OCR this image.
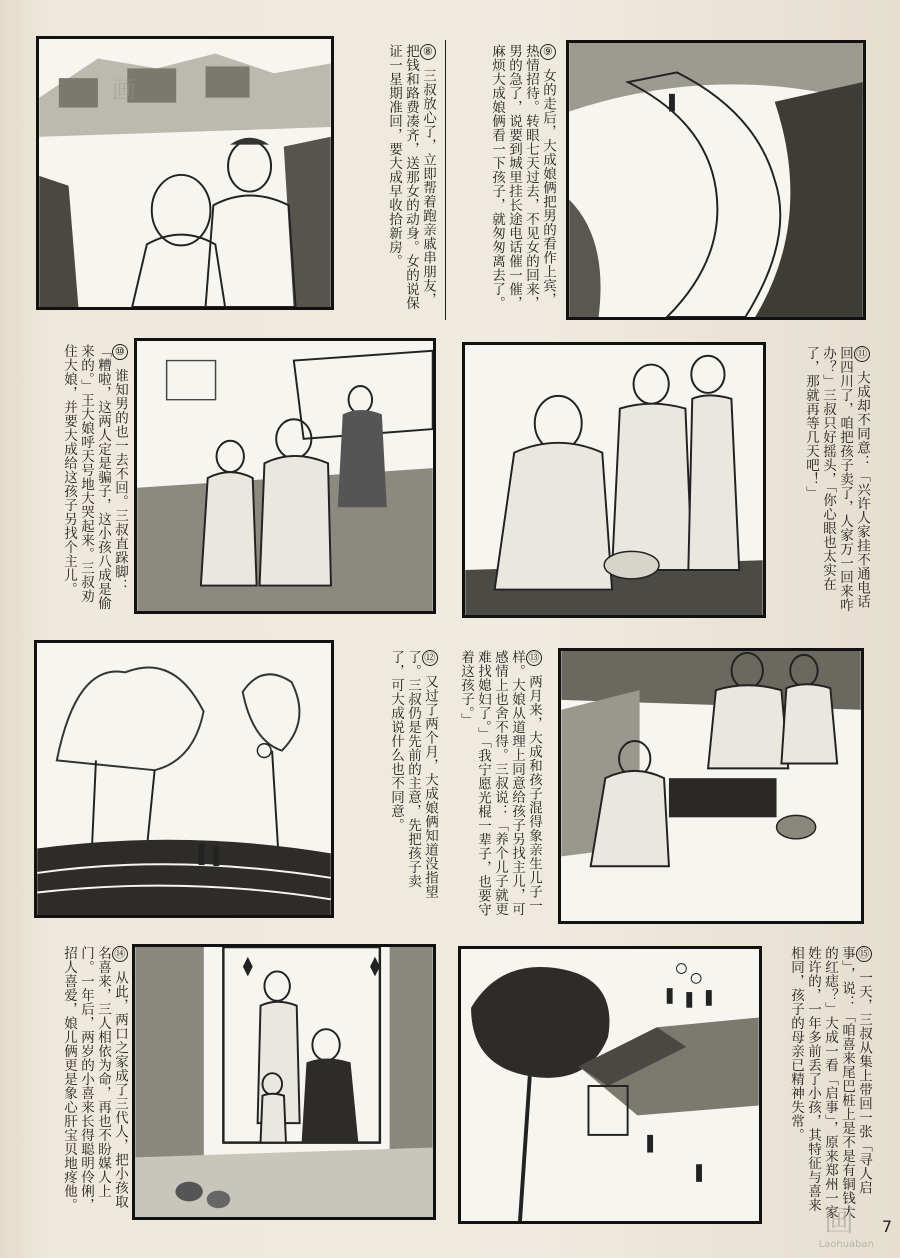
⑧ 三叔放心了，立即帮着跑亲戚串朋友，把钱和路费凑齐，送那女的动身。女的说保证一星期准回，要大成早收拾新房。	⑨ 女的走后，大成娘俩把男的看作上宾，热情招待。转眼七天过去，不见女的回来，男的急了，说要到城里挂长途电话催一催，麻烦大成娘俩看一下孩子，就匆匆离去了。
⑩ 谁知男的也一去不回。三叔直跺脚：「糟啦，这两人定是骗子，这小孩八成是偷来的。」王大娘呼天号地大哭起来。三叔劝住大娘，并要大成给这孩子另找个主儿。	⑪ 大成却不同意：「兴许人家挂不通电话回四川了，咱把孩子卖了，人家万一回来咋办？」三叔只好摇头，「你心眼也太实在了，那就再等几天吧！」
⑫ 又过了两个月，大成娘俩知道没指望了。三叔仍是先前的主意，先把孩子卖了，可大成说什么也不同意。	⑬ 两月来，大成和孩子混得象亲生儿子一样。大娘从道理上同意给孩子另找主儿，可感情上也舍不得。三叔说：「养个儿子就更难找媳妇了。」「我宁愿光棍一辈子，也要守着这孩子。」
⑭ 从此，两口之家成了三代人，把小孩取名喜来，三人相依为命，再也不盼媒人上门。一年后，两岁的小喜来长得聪明伶俐，招人喜爱，娘儿俩更是象心肝宝贝地疼他。	⑮ 一天，三叔从集上带回一张「寻人启事」，说：「咱喜来尾巴桩上是不是有铜钱大的红痣？」大成一看「启事」，原来郑州一家姓许的，一年多前丢了小孩，其特征与喜来相同，孩子的母亲已精神失常。
画
Laohuaban
画
7
